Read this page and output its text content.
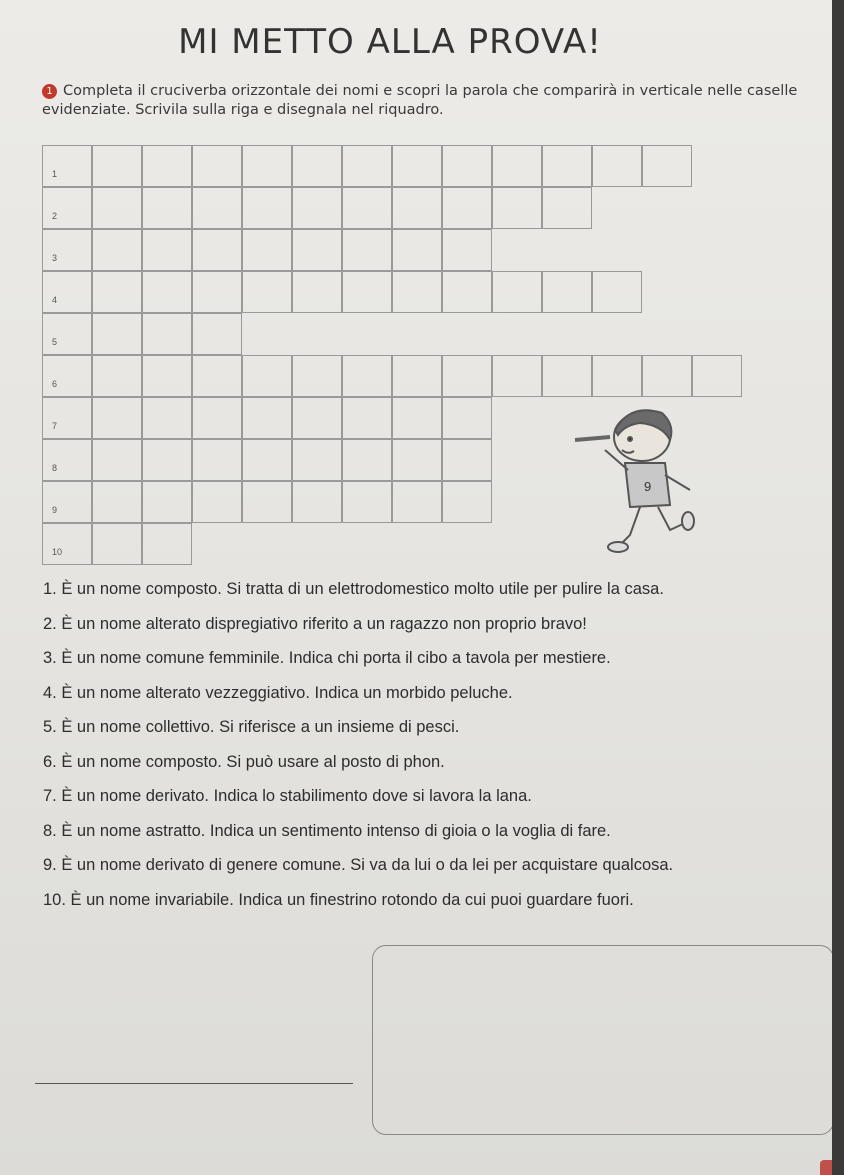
MI METTO ALLA PROVA!
1 Completa il cruciverba orizzontale dei nomi e scopri la parola che comparirà in verticale nelle caselle evidenziate. Scrivila sulla riga e disegnala nel riquadro.
1
2
3
4
5
6
7
8
9
10
1. È un nome composto. Si tratta di un elettrodomestico molto utile per pulire la casa.
2. È un nome alterato dispregiativo riferito a un ragazzo non proprio bravo!
3. È un nome comune femminile. Indica chi porta il cibo a tavola per mestiere.
4. È un nome alterato vezzeggiativo. Indica un morbido peluche.
5. È un nome collettivo. Si riferisce a un insieme di pesci.
6. È un nome composto. Si può usare al posto di phon.
7. È un nome derivato. Indica lo stabilimento dove si lavora la lana.
8. È un nome astratto. Indica un sentimento intenso di gioia o la voglia di fare.
9. È un nome derivato di genere comune. Si va da lui o da lei per acquistare qualcosa.
10. È un nome invariabile. Indica un finestrino rotondo da cui puoi guardare fuori.
9
